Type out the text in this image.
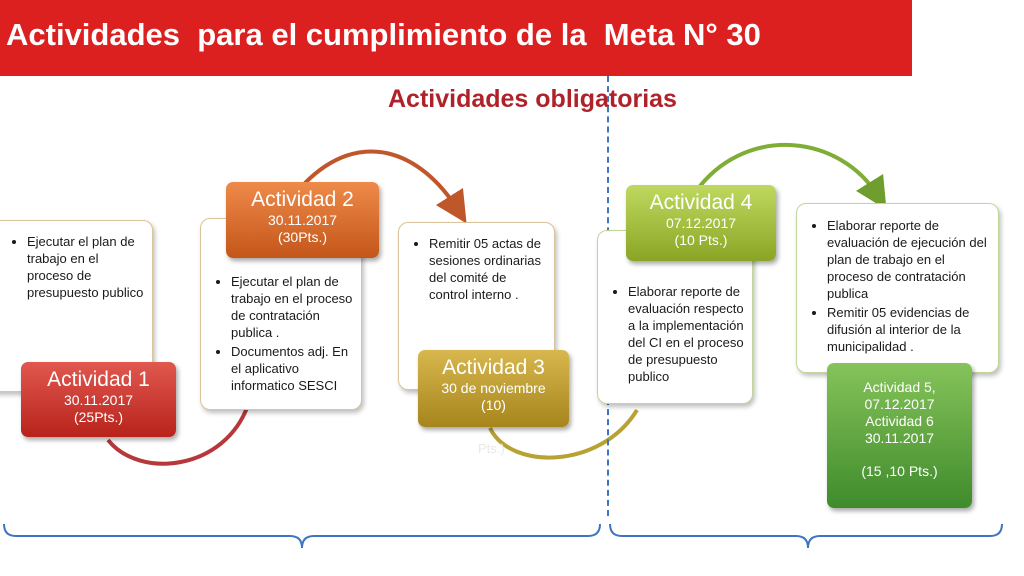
Actividades  para el cumplimiento de la  Meta N° 30
Actividades obligatorias
• Ejecutar el plan de trabajo en el proceso de presupuesto publico
• Ejecutar el plan de trabajo en el proceso de contratación publica .
• Documentos adj. En el aplicativo informatico SESCI
• Remitir 05 actas de sesiones ordinarias del comité de control interno .
•	Elaborar reporte de evaluación respecto a la implementación del CI en el proceso de presupuesto publico
• Elaborar reporte de evaluación de ejecución del plan de trabajo en el proceso de contratación publica
• Remitir 05 evidencias de difusión al interior de la municipalidad .
Actividad 1
30.11.2017
(25Pts.)
Actividad 2
30.11.2017
(30Pts.)
Actividad 3
30 de noviembre
(10)
Pts.)
Actividad 4
07.12.2017
(10 Pts.)
Actividad 5,
07.12.2017
Actividad 6
30.11.2017
(15 ,10 Pts.)
